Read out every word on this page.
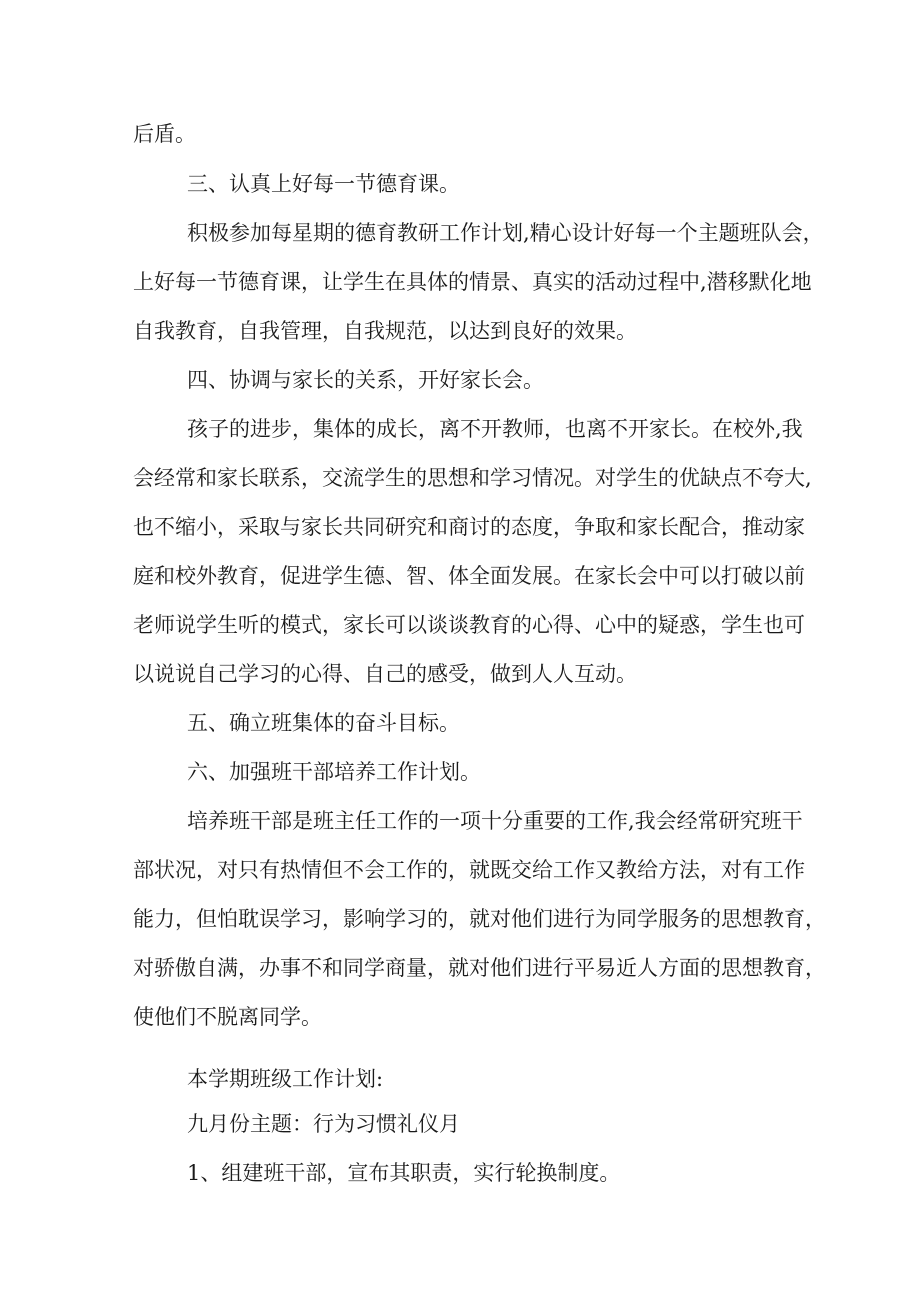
后盾。
三、认真上好每一节德育课。
积极参加每星期的德育教研工作计划,精心设计好每一个主题班队会，
上好每一节德育课，让学生在具体的情景、真实的活动过程中,潜移默化地
自我教育，自我管理，自我规范，以达到良好的效果。
四、协调与家长的关系，开好家长会。
孩子的进步，集体的成长，离不开教师，也离不开家长。在校外,我
会经常和家长联系，交流学生的思想和学习情况。对学生的优缺点不夸大,
也不缩小，采取与家长共同研究和商讨的态度，争取和家长配合，推动家
庭和校外教育，促进学生德、智、体全面发展。在家长会中可以打破以前
老师说学生听的模式，家长可以谈谈教育的心得、心中的疑惑，学生也可
以说说自己学习的心得、自己的感受，做到人人互动。
五、确立班集体的奋斗目标。
六、加强班干部培养工作计划。
培养班干部是班主任工作的一项十分重要的工作,我会经常研究班干
部状况，对只有热情但不会工作的，就既交给工作又教给方法，对有工作
能力，但怕耽误学习，影响学习的，就对他们进行为同学服务的思想教育，
对骄傲自满，办事不和同学商量，就对他们进行平易近人方面的思想教育，
使他们不脱离同学。
本学期班级工作计划:
九月份主题：行为习惯礼仪月
1、组建班干部，宣布其职责，实行轮换制度。
